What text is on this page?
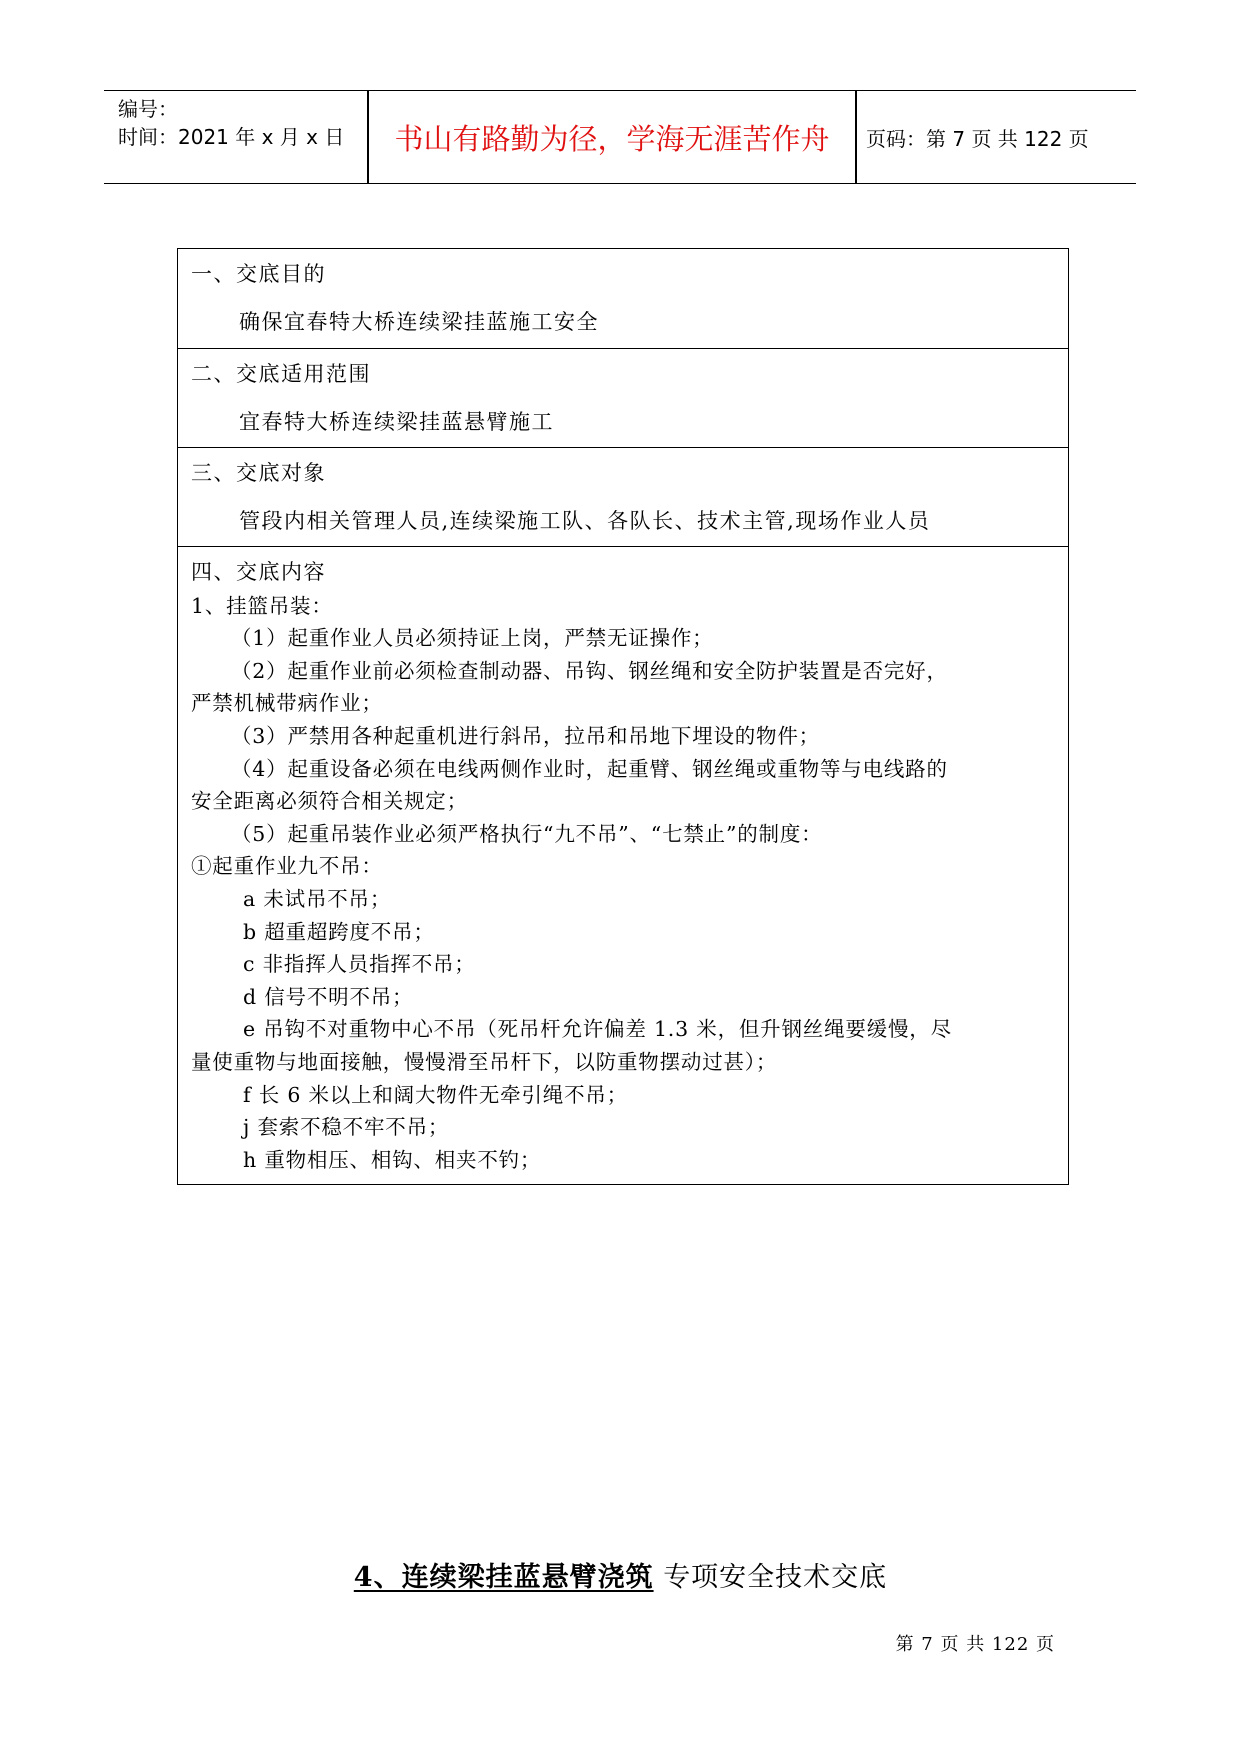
编号：
时间：2021 年 x 月 x 日	书山有路勤为径，学海无涯苦作舟	页码：第 7 页 共 122 页
一、交底目的
确保宜春特大桥连续梁挂蓝施工安全
二、交底适用范围
宜春特大桥连续梁挂蓝悬臂施工
三、交底对象
管段内相关管理人员,连续梁施工队、各队长、技术主管,现场作业人员

四、交底内容

1、挂篮吊装：

（1）起重作业人员必须持证上岗，严禁无证操作；

（2）起重作业前必须检查制动器、吊钩、钢丝绳和安全防护装置是否完好，

严禁机械带病作业；

（3）严禁用各种起重机进行斜吊，拉吊和吊地下埋设的物件；

（4）起重设备必须在电线两侧作业时，起重臂、钢丝绳或重物等与电线路的

安全距离必须符合相关规定；

（5）起重吊装作业必须严格执行“九不吊”、“七禁止”的制度：

①起重作业九不吊：

a 未试吊不吊；

b 超重超跨度不吊；

c 非指挥人员指挥不吊；

d 信号不明不吊；

e 吊钩不对重物中心不吊（死吊杆允许偏差 1.3 米，但升钢丝绳要缓慢，尽

量使重物与地面接触，慢慢滑至吊杆下，以防重物摆动过甚）；

f 长 6 米以上和阔大物件无牵引绳不吊；

j 套索不稳不牢不吊；

h 重物相压、相钩、相夹不钓；

4、连续梁挂蓝悬臂浇筑 专项安全技术交底
第 7 页 共 122 页
